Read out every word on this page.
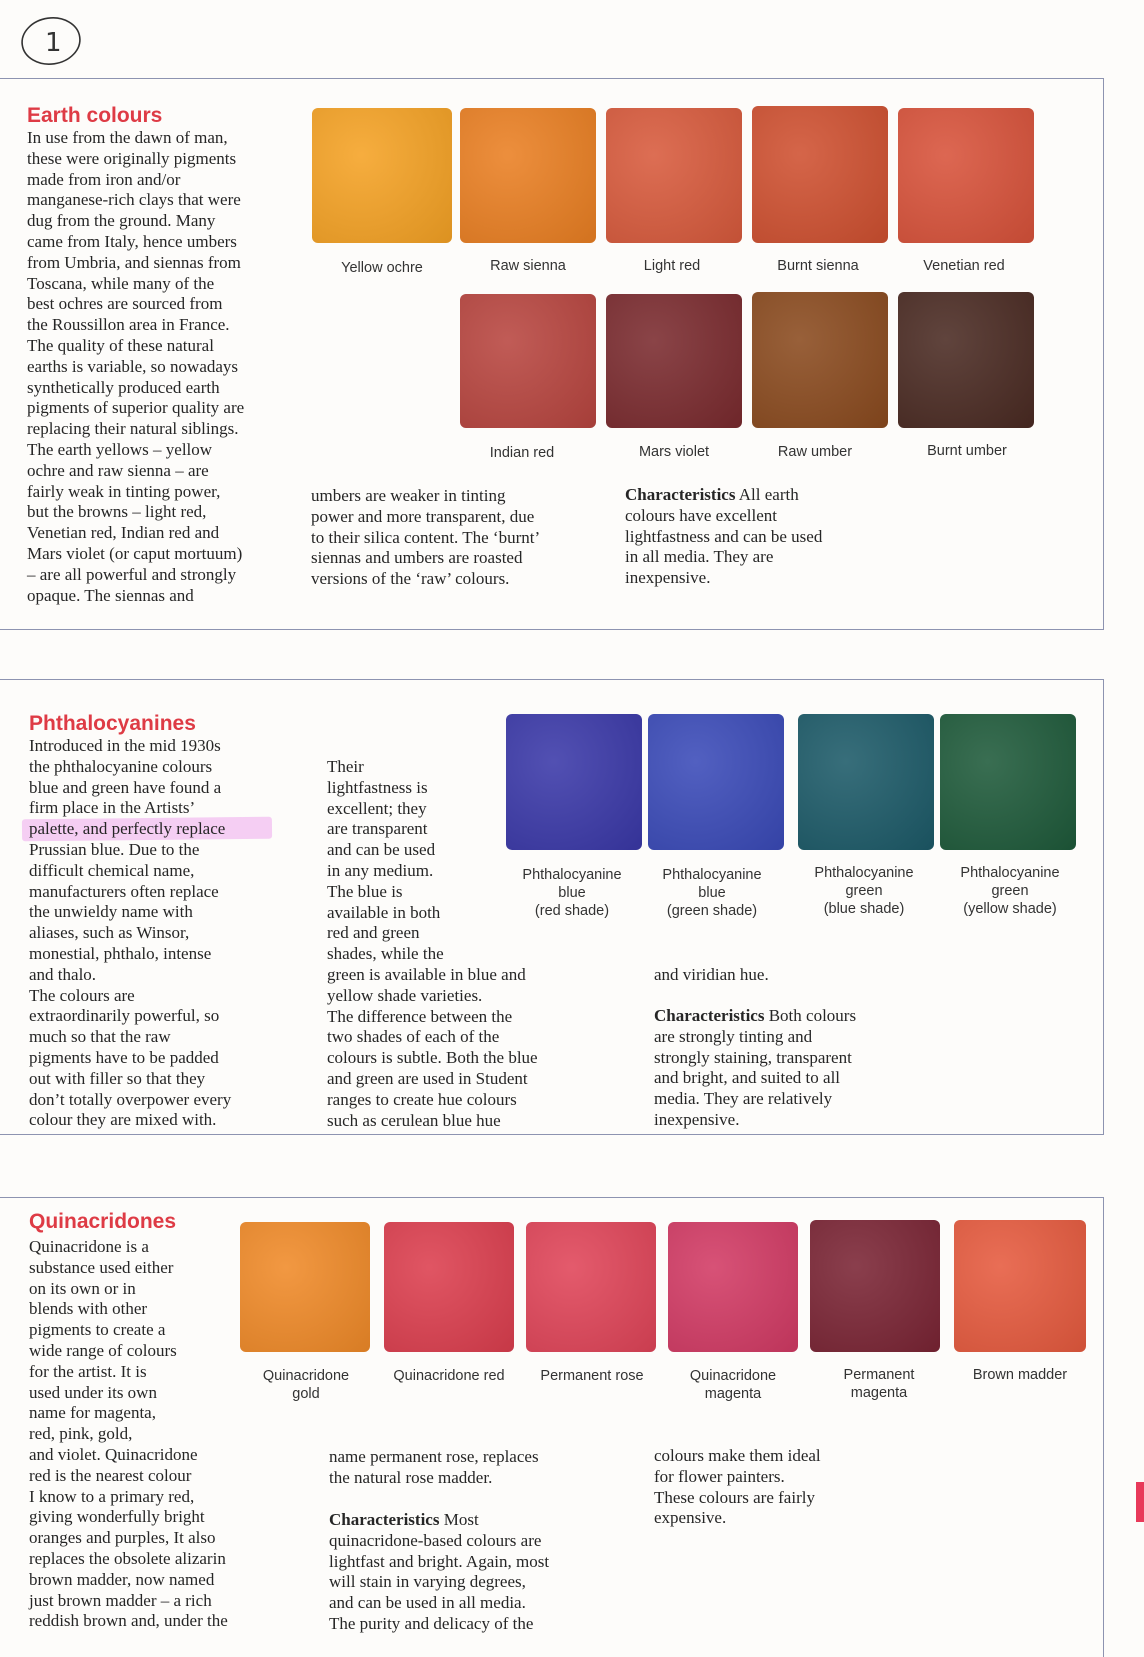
1
Earth colours

In use from the dawn of man,
these were originally pigments
made from iron and/or
manganese-rich clays that were
dug from the ground. Many
came from Italy, hence umbers
from Umbria, and siennas from
Toscana, while many of the
best ochres are sourced from
the Roussillon area in France.
The quality of these natural
earths is variable, so nowadays
synthetically produced earth
pigments of superior quality are
replacing their natural siblings.
The earth yellows – yellow
ochre and raw sienna – are
fairly weak in tinting power,
but the browns – light red,
Venetian red, Indian red and
Mars violet (or caput mortuum)
– are all powerful and strongly
opaque. The siennas and

umbers are weaker in tinting
power and more transparent, due
to their silica content. The ‘burnt’
siennas and umbers are roasted
versions of the ‘raw’ colours.

Characteristics All earth
colours have excellent
lightfastness and can be used
in all media. They are
inexpensive.

Yellow ochre	Raw sienna	Light red	Burnt sienna	Venetian red
Indian red	Mars violet	Raw umber	Burnt umber
Phthalocyanines

Introduced in the mid 1930s
the phthalocyanine colours
blue and green have found a
firm place in the Artists’
palette, and perfectly replace
Prussian blue. Due to the
difficult chemical name,
manufacturers often replace
the unwieldy name with
aliases, such as Winsor,
monestial, phthalo, intense
and thalo.
The colours are
extraordinarily powerful, so
much so that the raw
pigments have to be padded
out with filler so that they
don’t totally overpower every
colour they are mixed with.

Their
lightfastness is
excellent; they
are transparent
and can be used
in any medium.
The blue is
available in both
red and green
shades, while the

green is available in blue and
yellow shade varieties.
The difference between the
two shades of each of the
colours is subtle. Both the blue
and green are used in Student
ranges to create hue colours
such as cerulean blue hue

and viridian hue.

Characteristics Both colours
are strongly tinting and
strongly staining, transparent
and bright, and suited to all
media. They are relatively
inexpensive.

Phthalocyanine
blue
(red shade)
Phthalocyanine
blue
(green shade)
Phthalocyanine
green
(blue shade)
Phthalocyanine
green
(yellow shade)
Quinacridones

Quinacridone is a
substance used either
on its own or in
blends with other
pigments to create a
wide range of colours
for the artist. It is
used under its own
name for magenta,
red, pink, gold,
and violet. Quinacridone
red is the nearest colour
I know to a primary red,
giving wonderfully bright
oranges and purples, It also
replaces the obsolete alizarin
brown madder, now named
just brown madder – a rich
reddish brown and, under the

name permanent rose, replaces
the natural rose madder.

Characteristics Most
quinacridone-based colours are
lightfast and bright. Again, most
will stain in varying degrees,
and can be used in all media.
The purity and delicacy of the

colours make them ideal
for flower painters.
These colours are fairly
expensive.

Quinacridone
gold
Quinacridone red	Permanent rose	Quinacridone
magenta
Permanent
magenta
Brown madder
